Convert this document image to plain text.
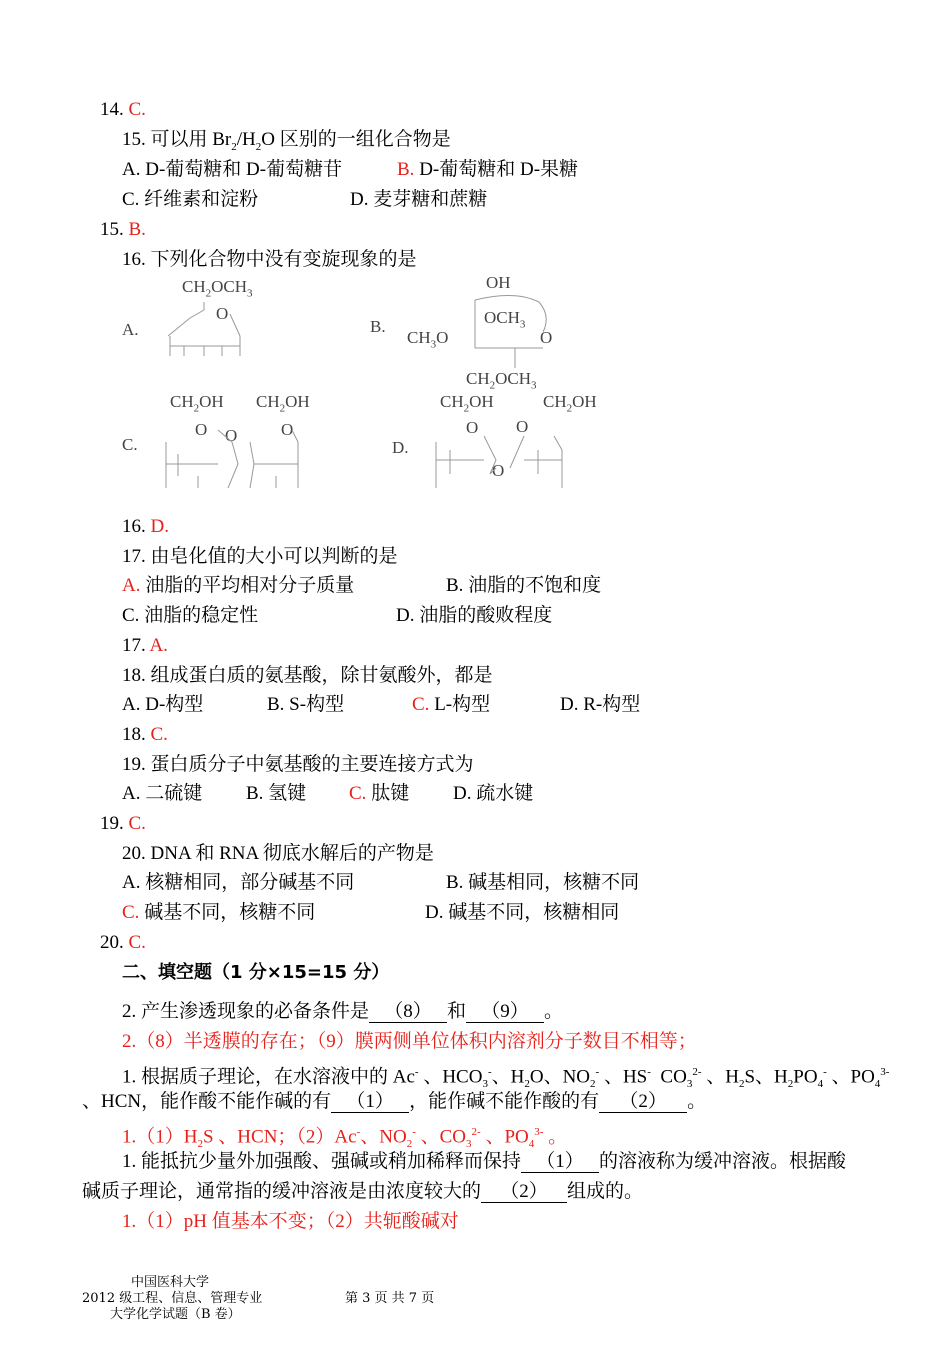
14. C.
15. 可以用 $Br_2/H_2O$ 区别的一组化合物是
A. D-葡萄糖和 D-葡萄糖苷	B. D-葡萄糖和 D-果糖
C. 纤维素和淀粉	D. 麦芽糖和蔗糖
15. B.
16. 下列化合物中没有变旋现象的是
A.
$CH_2OCH_3$
O
B.
OH
$OCH_3$
$CH_3O$	O
$CH_2OCH_3$
C.
$CH_2OH$ $CH_2OH$
O O	O
D.
$CH_2OH$	$CH_2OH$
O O
O
16. D.
17. 由皂化值的大小可以判断的是
A. 油脂的平均相对分子质量	B. 油脂的不饱和度
C. 油脂的稳定性	D. 油脂的酸败程度
17. A.
18. 组成蛋白质的氨基酸，除甘氨酸外，都是
A. D-构型	B. S-构型	C. L-构型	D. R-构型
18. C.
19. 蛋白质分子中氨基酸的主要连接方式为
A. 二硫键 B. 氢键 C. 肽键 D. 疏水键
19. C.
20. DNA 和 RNA 彻底水解后的产物是
A. 核糖相同，部分碱基不同	B. 碱基相同，核糖不同
C. 碱基不同，核糖不同	D. 碱基不同，核糖相同
20. C.
二、填空题（1 分×15=15 分）
2. 产生渗透现象的必备条件是 （8） 和 （9） 。
2.（8）半透膜的存在；（9）膜两侧单位体积内溶剂分子数目不相等；
1. 根据质子理论，在水溶液中的 Ac- 、$HCO_3^-$、$H_2O$、$NO_2^-$ 、HS-  $CO_3^{2-}$ 、$H_2S$、$H_2PO_4^-$ 、$PO_4^{3-}$
、HCN，能作酸不能作碱的有 （1） ，能作碱不能作酸的有 （2） 。
$1.(1)H_2S$ 、HCN；（2）Ac-、$NO_2^-$ 、$CO_3^{2-}$ 、$PO_4^{3-}$ 。
1. 能抵抗少量外加强酸、强碱或稍加稀释而保持 （1） 的溶液称为缓冲溶液。根据酸
碱质子理论，通常指的缓冲溶液是由浓度较大的 （2） 组成的。
1.（1）pH 值基本不变；（2）共轭酸碱对
中国医科大学
2012 级工程、信息、管理专业
大学化学试题（B 卷）
第 3 页 共 7 页
